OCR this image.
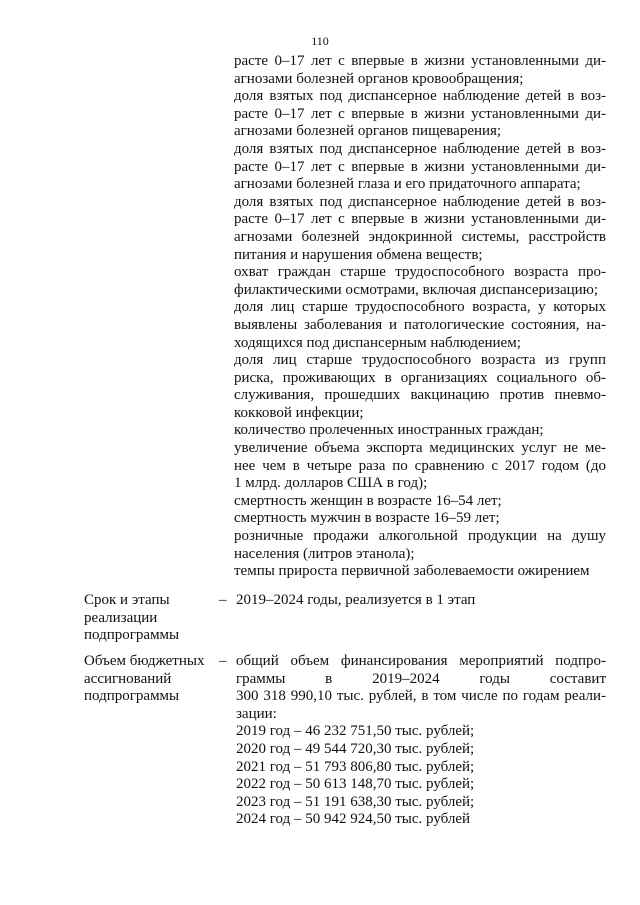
110
расте 0–17 лет с впервые в жизни установленными ди-
агнозами болезней органов кровообращения;
доля взятых под диспансерное наблюдение детей в воз-
расте 0–17 лет с впервые в жизни установленными ди-
агнозами болезней органов пищеварения;
доля взятых под диспансерное наблюдение детей в воз-
расте 0–17 лет с впервые в жизни установленными ди-
агнозами болезней глаза и его придаточного аппарата;
доля взятых под диспансерное наблюдение детей в воз-
расте 0–17 лет с впервые в жизни установленными ди-
агнозами болезней эндокринной системы, расстройств
питания и нарушения обмена веществ;
охват граждан старше трудоспособного возраста про-
филактическими осмотрами, включая диспансеризацию;
доля лиц старше трудоспособного возраста, у которых
выявлены заболевания и патологические состояния, на-
ходящихся под диспансерным наблюдением;
доля лиц старше трудоспособного возраста из групп
риска, проживающих в организациях социального об-
служивания, прошедших вакцинацию против пневмо-
кокковой инфекции;
количество пролеченных иностранных граждан;
увеличение объема экспорта медицинских услуг не ме-
нее чем в четыре раза по сравнению с 2017 годом (до
1 млрд. долларов США в год);
смертность женщин в возрасте 16–54 лет;
смертность мужчин в возрасте 16–59 лет;
розничные продажи алкогольной продукции на душу
населения (литров этанола);
темпы прироста первичной заболеваемости ожирением
Срок и этапы
реализации
подпрограммы
– 2019–2024 годы, реализуется в 1 этап
Объем бюджетных
ассигнований
подпрограммы
– общий объем финансирования мероприятий подпро-
граммы в 2019–2024 годы составит
300 318 990,10 тыс. рублей, в том числе по годам реали-
зации:
2019 год – 46 232 751,50 тыс. рублей;
2020 год – 49 544 720,30 тыс. рублей;
2021 год – 51 793 806,80 тыс. рублей;
2022 год – 50 613 148,70 тыс. рублей;
2023 год – 51 191 638,30 тыс. рублей;
2024 год – 50 942 924,50 тыс. рублей
